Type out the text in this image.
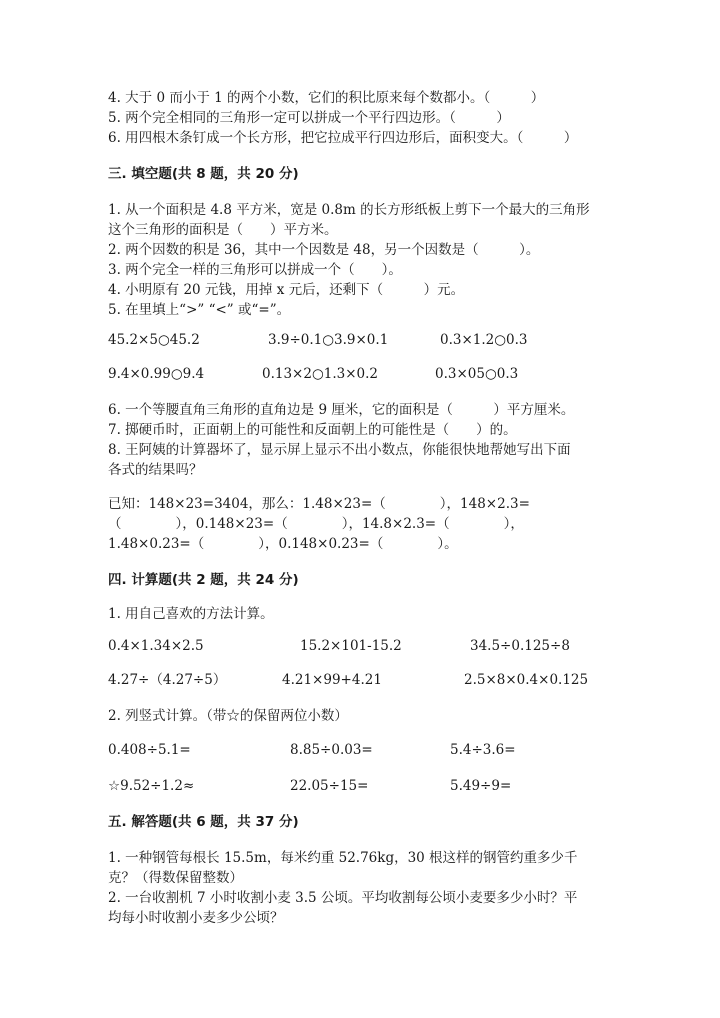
4. 大于 0 而小于 1 的两个小数，它们的积比原来每个数都小。（　　　）
5. 两个完全相同的三角形一定可以拼成一个平行四边形。（　　　）
6. 用四根木条钉成一个长方形，把它拉成平行四边形后，面积变大。（　　　）
三. 填空题(共 8 题，共 20 分)
1. 从一个面积是 4.8 平方米，宽是 0.8m 的长方形纸板上剪下一个最大的三角形
这个三角形的面积是（　　）平方米。
2. 两个因数的积是 36，其中一个因数是 48，另一个因数是（　　　）。
3. 两个完全一样的三角形可以拼成一个（　　）。
4. 小明原有 20 元钱，用掉 x 元后，还剩下（　　　）元。
5. 在里填上“>” “<” 或“=”。
45.2×5○45.2	3.9÷0.1○3.9×0.1	0.3×1.2○0.3
9.4×0.99○9.4	0.13×2○1.3×0.2	0.3×05○0.3
6. 一个等腰直角三角形的直角边是 9 厘米，它的面积是（　　　）平方厘米。
7. 掷硬币时，正面朝上的可能性和反面朝上的可能性是（　　）的。
8. 王阿姨的计算器坏了，显示屏上显示不出小数点，你能很快地帮她写出下面
各式的结果吗？
已知：148×23=3404，那么：1.48×23=（　　　　），148×2.3=
（　　　　），0.148×23=（　　　　），14.8×2.3=（　　　　），
1.48×0.23=（　　　　），0.148×0.23=（　　　　）。
四. 计算题(共 2 题，共 24 分)
1. 用自己喜欢的方法计算。
0.4×1.34×2.5	15.2×101-15.2	34.5÷0.125÷8
4.27÷（4.27÷5）	4.21×99+4.21	2.5×8×0.4×0.125
2. 列竖式计算。（带☆的保留两位小数）
0.408÷5.1=	8.85÷0.03=	5.4÷3.6=
☆9.52÷1.2≈	22.05÷15=	5.49÷9=
五. 解答题(共 6 题，共 37 分)
1. 一种钢管每根长 15.5m，每米约重 52.76kg，30 根这样的钢管约重多少千
克？（得数保留整数）
2. 一台收割机 7 小时收割小麦 3.5 公顷。平均收割每公顷小麦要多少小时？平
均每小时收割小麦多少公顷？
